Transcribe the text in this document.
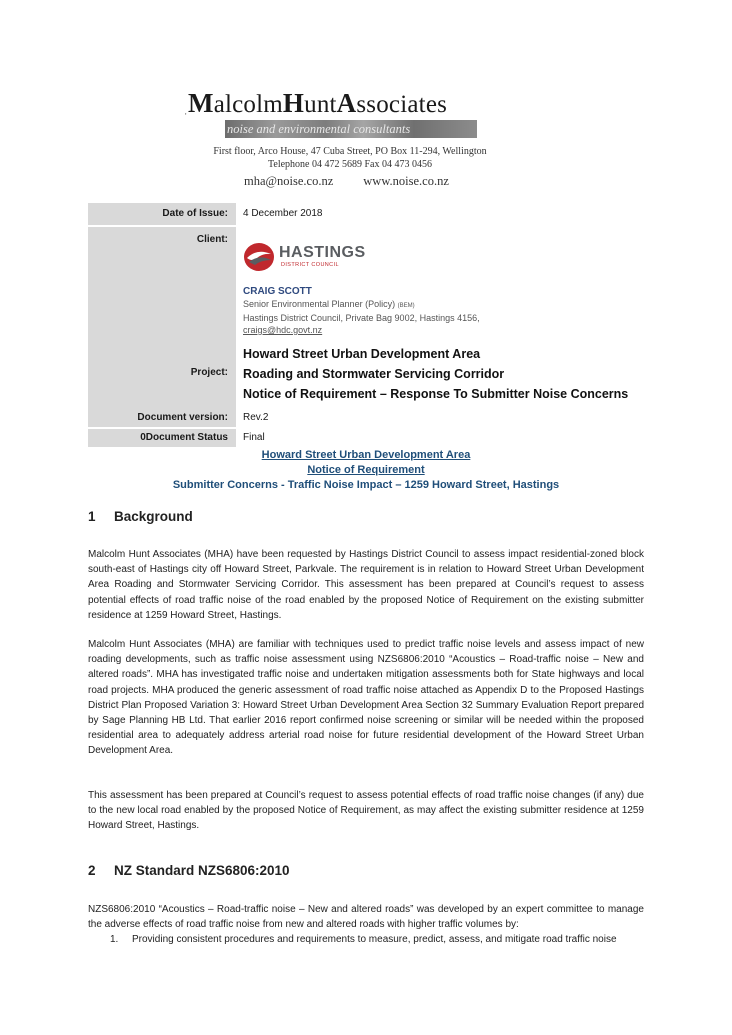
MalcolmHuntAssociates
'
noise and environmental consultants
First floor, Arco House, 47 Cuba Street, PO Box 11-294, Wellington
Telephone 04 472 5689 Fax 04 473 0456
mha@noise.co.nz www.noise.co.nz
Date of Issue:	4 December 2018
Client:
Project:
Document version:
0Document Status
HASTINGS
DISTRICT COUNCIL
CRAIG SCOTT
Senior Environmental Planner (Policy) (BEM)
Hastings District Council, Private Bag 9002, Hastings 4156,
craigs@hdc.govt.nz
Howard Street Urban Development Area
Roading and Stormwater Servicing Corridor
Notice of Requirement – Response To Submitter Noise Concerns
Rev.2
Final
Howard Street Urban Development Area
Notice of Requirement
Submitter Concerns - Traffic Noise Impact – 1259 Howard Street, Hastings
1 Background

Malcolm Hunt Associates (MHA) have been requested by Hastings District Council to assess impact residential-zoned block south-east of Hastings city off Howard Street, Parkvale. The requirement is in relation to Howard Street Urban Development Area Roading and Stormwater Servicing Corridor. This assessment has been prepared at Council’s request to assess potential effects of road traffic noise of the road enabled by the proposed Notice of Requirement on the existing submitter residence at 1259 Howard Street, Hastings.

Malcolm Hunt Associates (MHA) are familiar with techniques used to predict traffic noise levels and assess impact of new roading developments, such as traffic noise assessment using NZS6806:2010 “Acoustics – Road-traffic noise – New and altered roads”. MHA has investigated traffic noise and undertaken mitigation assessments both for State highways and local road projects. MHA produced the generic assessment of road traffic noise attached as Appendix D to the Proposed Hastings District Plan Proposed Variation 3: Howard Street Urban Development Area Section 32 Summary Evaluation Report prepared by Sage Planning HB Ltd. That earlier 2016 report confirmed noise screening or similar will be needed within the proposed residential area to adequately address arterial road noise for future residential development of the Howard Street Urban Development Area.

This assessment has been prepared at Council’s request to assess potential effects of road traffic noise changes (if any) due to the new local road enabled by the proposed Notice of Requirement, as may affect the existing submitter residence at 1259 Howard Street, Hastings.

2 NZ Standard NZS6806:2010

NZS6806:2010 “Acoustics – Road-traffic noise – New and altered roads” was developed by an expert committee to manage the adverse effects of road traffic noise from new and altered roads with higher traffic volumes by:

1. Providing consistent procedures and requirements to measure, predict, assess, and mitigate road traffic noise
